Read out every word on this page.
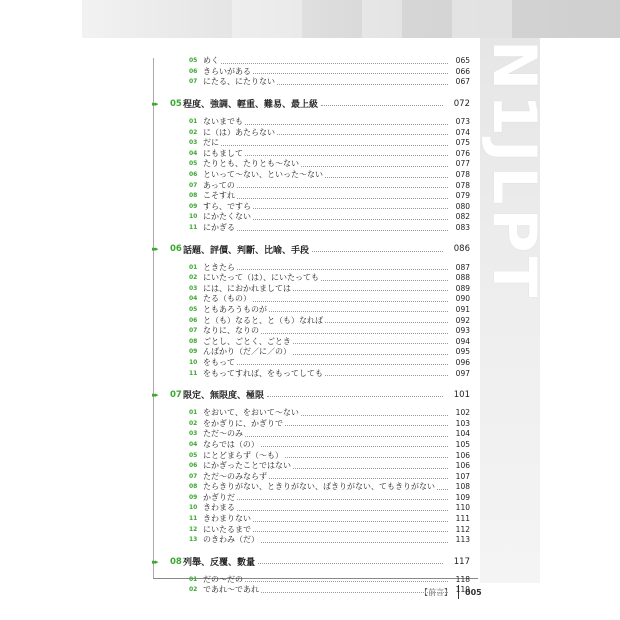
N1JLPT
【前言】 005
05 めく	065
06 きらいがある	066
07 にたる、にたりない	067
▸▸▸	05 程度、強調、輕重、難易、最上級	072
01 ないまでも	073
02 に（は）あたらない	074
03 だに	075
04 にもまして	076
05 たりとも、たりとも～ない	077
06 といって～ない、といった～ない	078
07 あっての	078
08 こそすれ	079
09 すら、ですら	080
10 にかたくない	082
11 にかぎる	083
▸▸▸	06 話題、評價、判斷、比喻、手段	086
01 ときたら	087
02 にいたって（は）、にいたっても	088
03 には、におかれましては	089
04 たる（もの）	090
05 ともあろうものが	091
06 と（も）なると、と（も）なれば	092
07 なりに、なりの	093
08 ごとし、ごとく、ごとき	094
09 んばかり（だ／に／の）	095
10 をもって	096
11 をもってすれば、をもってしても	097
▸▸▸	07 限定、無限度、極限	101
01 をおいて、をおいて～ない	102
02 をかぎりに、かぎりで	103
03 ただ～のみ	104
04 ならでは（の）	105
05 にとどまらず（～も）	106
06 にかぎったことではない	106
07 ただ～のみならず	107
08 たらきりがない、ときりがない、ばきりがない、てもきりがない	108
09 かぎりだ	109
10 きわまる	110
11 きわまりない	111
12 にいたるまで	112
13 のきわみ（だ）	113
▸▸▸	08 列舉、反覆、數量	117
01 だの～だの	118
02 であれ～であれ	119
